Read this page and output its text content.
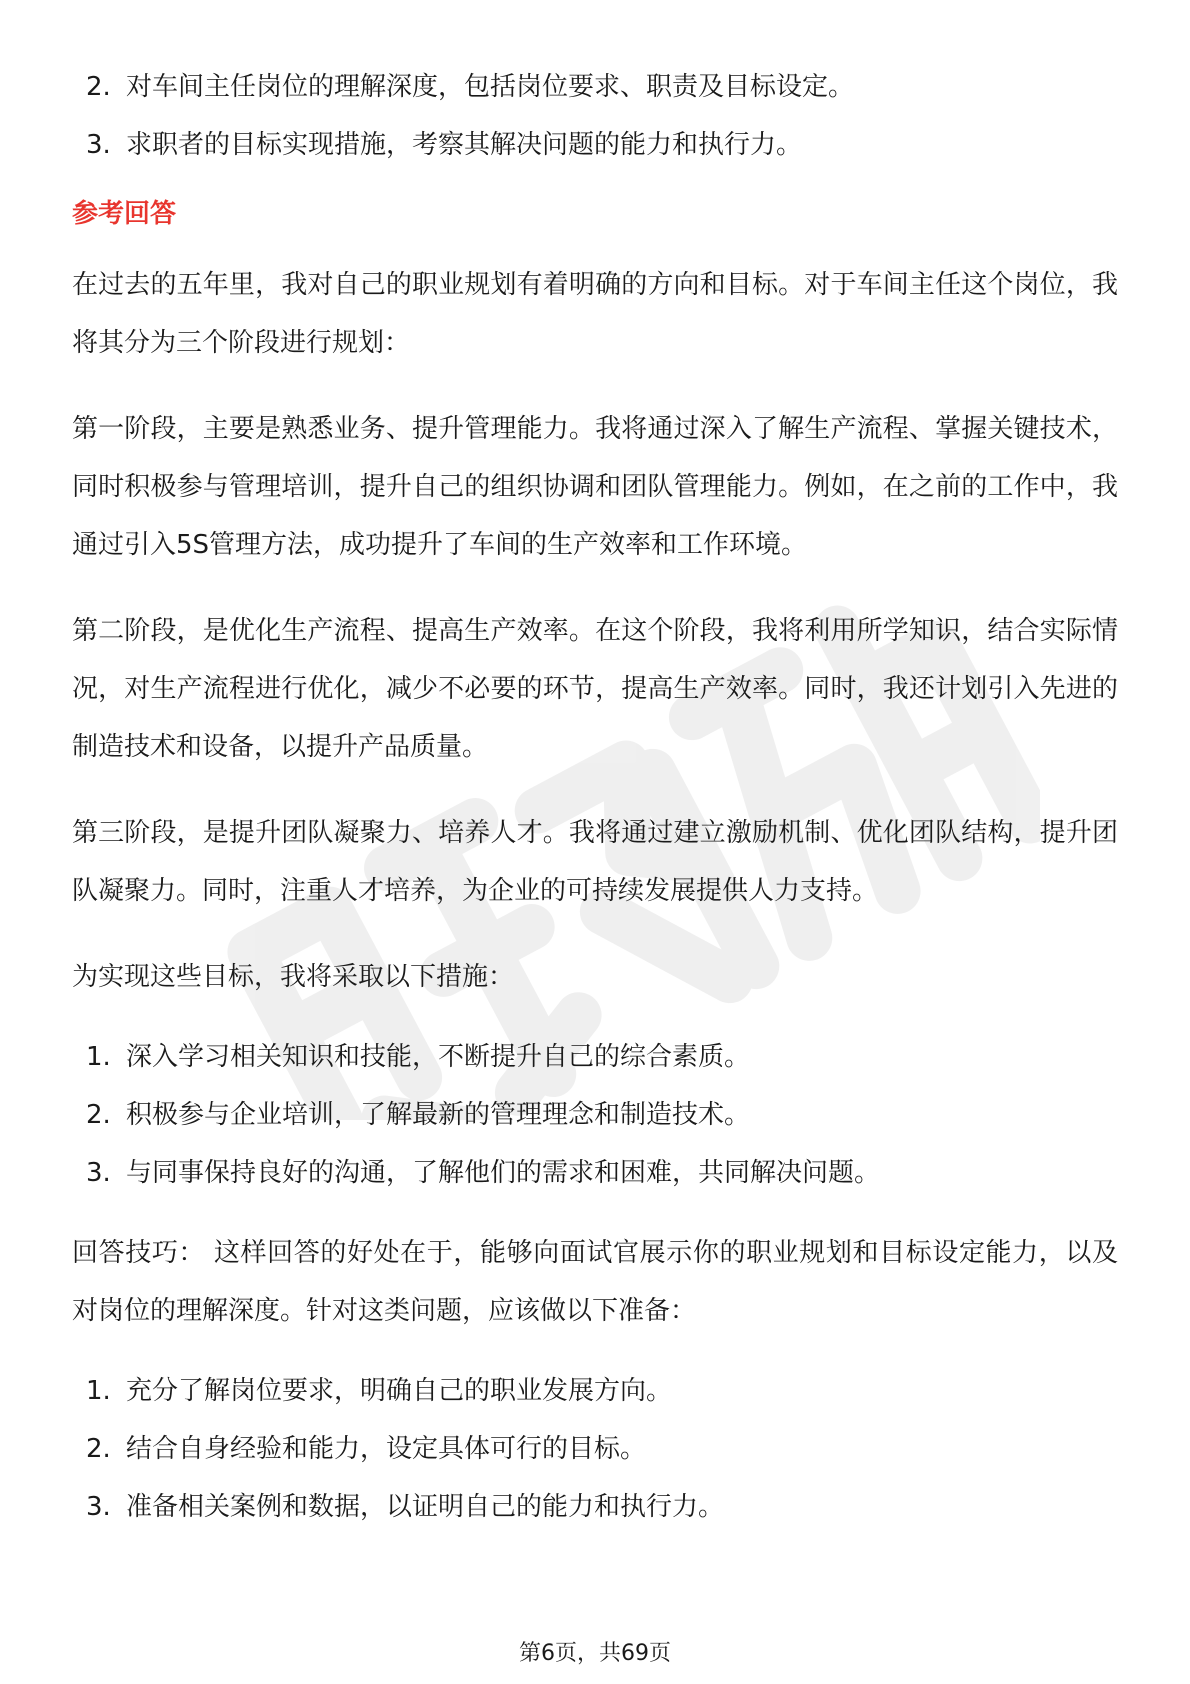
2. 对车间主任岗位的理解深度，包括岗位要求、职责及目标设定。
3. 求职者的目标实现措施，考察其解决问题的能力和执行力。
参考回答

在过去的五年里，我对自己的职业规划有着明确的方向和目标。对于车间主任这个岗位，我将其分为三个阶段进行规划：

第一阶段，主要是熟悉业务、提升管理能力。我将通过深入了解生产流程、掌握关键技术，同时积极参与管理培训，提升自己的组织协调和团队管理能力。例如，在之前的工作中，我通过引入5S管理方法，成功提升了车间的生产效率和工作环境。

第二阶段，是优化生产流程、提高生产效率。在这个阶段，我将利用所学知识，结合实际情况，对生产流程进行优化，减少不必要的环节，提高生产效率。同时，我还计划引入先进的制造技术和设备，以提升产品质量。

第三阶段，是提升团队凝聚力、培养人才。我将通过建立激励机制、优化团队结构，提升团队凝聚力。同时，注重人才培养，为企业的可持续发展提供人力支持。

为实现这些目标，我将采取以下措施：

1. 深入学习相关知识和技能，不断提升自己的综合素质。
2. 积极参与企业培训，了解最新的管理理念和制造技术。
3. 与同事保持良好的沟通，了解他们的需求和困难，共同解决问题。

回答技巧： 这样回答的好处在于，能够向面试官展示你的职业规划和目标设定能力，以及对岗位的理解深度。针对这类问题，应该做以下准备：

1. 充分了解岗位要求，明确自己的职业发展方向。
2. 结合自身经验和能力，设定具体可行的目标。
3. 准备相关案例和数据，以证明自己的能力和执行力。
第6页，共69页
